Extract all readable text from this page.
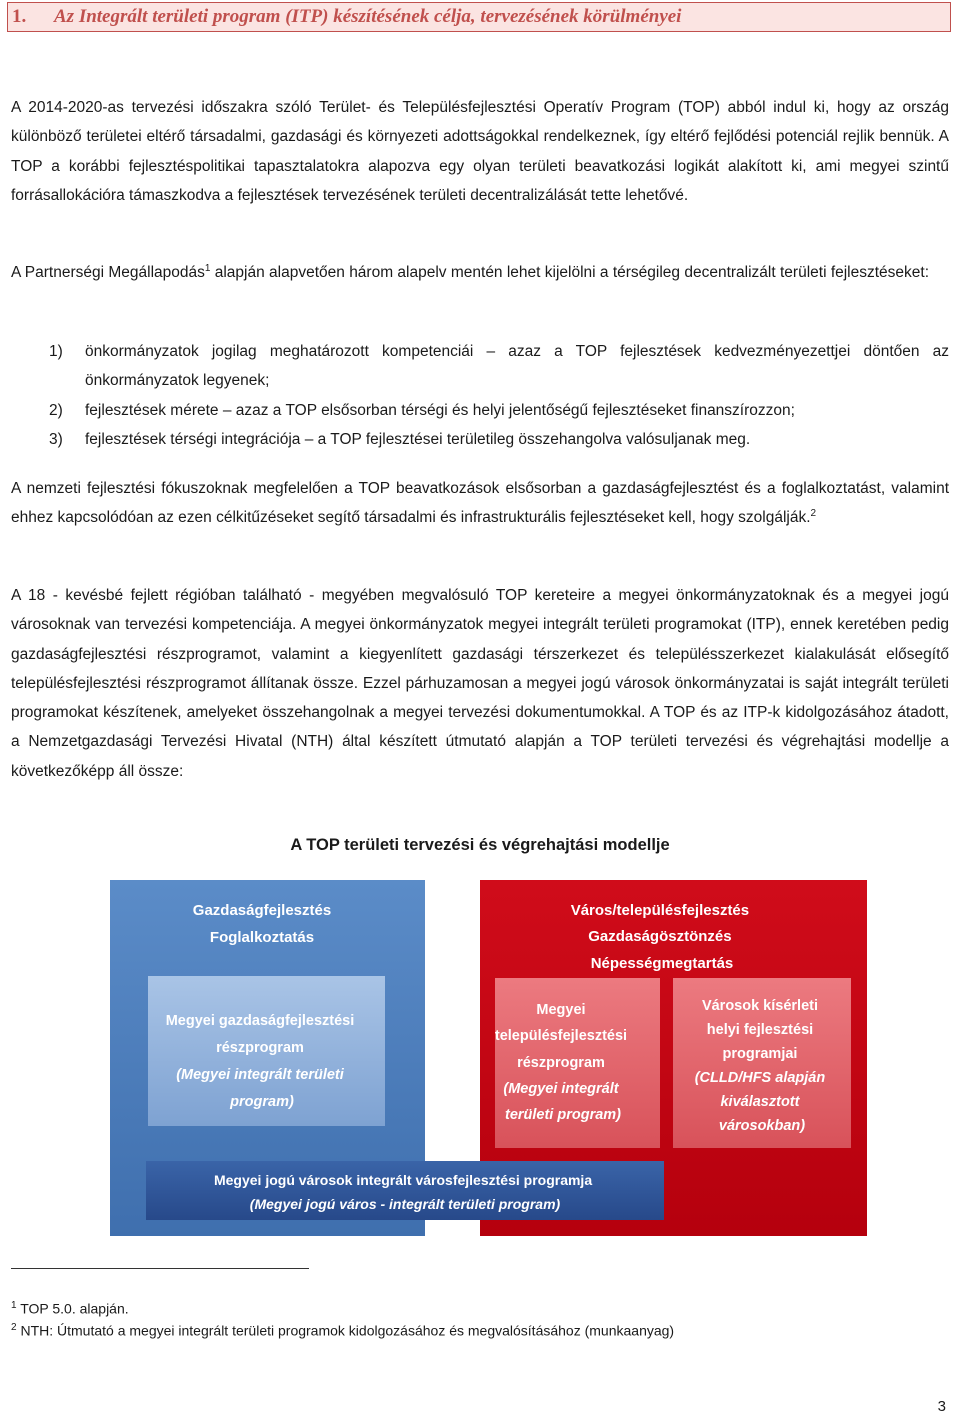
1. Az Integrált területi program (ITP) készítésének célja, tervezésének körülményei

A 2014-2020-as tervezési időszakra szóló Terület- és Településfejlesztési Operatív Program (TOP) abból indul ki, hogy az ország különböző területei eltérő társadalmi, gazdasági és környezeti adottságokkal rendelkeznek, így eltérő fejlődési potenciál rejlik bennük. A TOP a korábbi fejlesztéspolitikai tapasztalatokra alapozva egy olyan területi beavatkozási logikát alakított ki, ami megyei szintű forrásallokációra támaszkodva a fejlesztések tervezésének területi decentralizálását tette lehetővé.

A Partnerségi Megállapodás$^1$ alapján alapvetően három alapelv mentén lehet kijelölni a térségileg decentralizált területi fejlesztéseket:

1) önkormányzatok jogilag meghatározott kompetenciái – azaz a TOP fejlesztések kedvezményezettjei döntően az önkormányzatok legyenek;
2) fejlesztések mérete – azaz a TOP elsősorban térségi és helyi jelentőségű fejlesztéseket finanszírozzon;
3) fejlesztések térségi integrációja – a TOP fejlesztései területileg összehangolva valósuljanak meg.

A nemzeti fejlesztési fókuszoknak megfelelően a TOP beavatkozások elsősorban a gazdaságfejlesztést és a foglalkoztatást, valamint ehhez kapcsolódóan az ezen célkitűzéseket segítő társadalmi és infrastrukturális fejlesztéseket kell, hogy szolgálják.$^2$

A 18 - kevésbé fejlett régióban található - megyében megvalósuló TOP kereteire a megyei önkormányzatoknak és a megyei jogú városoknak van tervezési kompetenciája. A megyei önkormányzatok megyei integrált területi programokat (ITP), ennek keretében pedig gazdaságfejlesztési részprogramot, valamint a kiegyenlített gazdasági térszerkezet és településszerkezet kialakulását elősegítő településfejlesztési részprogramot állítanak össze. Ezzel párhuzamosan a megyei jogú városok önkormányzatai is saját integrált területi programokat készítenek, amelyeket összehangolnak a megyei tervezési dokumentumokkal. A TOP és az ITP-k kidolgozásához átadott, a Nemzetgazdasági Tervezési Hivatal (NTH) által készített útmutató alapján a TOP területi tervezési és végrehajtási modellje a következőképp áll össze:

A TOP területi tervezési és végrehajtási modellje
Gazdaságfejlesztés Foglalkoztatás
Megyei gazdaságfejlesztési részprogram (Megyei integrált területi program)
Város/településfejlesztés Gazdaságösztönzés Népességmegtartás
Megyei településfejlesztési részprogram (Megyei integrált területi program)
Városok kísérleti helyi fejlesztési programjai (CLLD/HFS alapján kiválasztott városokban)
Megyei jogú városok integrált városfejlesztési programja (Megyei jogú város - integrált területi program)
$^1$ TOP 5.0. alapján.
$^2$ NTH: Útmutató a megyei integrált területi programok kidolgozásához és megvalósításához (munkaanyag)
3
